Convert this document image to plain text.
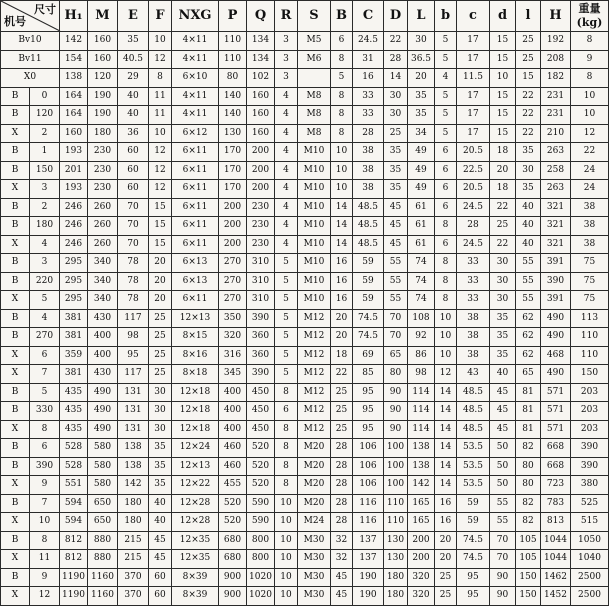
尺寸
机号		H₁	M	E	F	NXG	P	Q	R	S	B	C	D	L	b	c	d	l	H	重量
(kg)
Bv10		142	160	35	10	4×11	110	134	3	M5	6	24.5	22	30	5	17	15	25	192	8
Bv11		154	160	40.5	12	4×11	110	134	3	M6	8	31	28	36.5	5	17	15	25	208	9
X0		138	120	29	8	6×10	80	102	3		5	16	14	20	4	11.5	10	15	182	8
B	0	164	190	40	11	4×11	140	160	4	M8	8	33	30	35	5	17	15	22	231	10
B	120	164	190	40	11	4×11	140	160	4	M8	8	33	30	35	5	17	15	22	231	10
X	2	160	180	36	10	6×12	130	160	4	M8	8	28	25	34	5	17	15	22	210	12
B	1	193	230	60	12	6×11	170	200	4	M10	10	38	35	49	6	20.5	18	35	263	22
B	150	201	230	60	12	6×11	170	200	4	M10	10	38	35	49	6	22.5	20	30	258	24
X	3	193	230	60	12	6×11	170	200	4	M10	10	38	35	49	6	20.5	18	35	263	24
B	2	246	260	70	15	6×11	200	230	4	M10	14	48.5	45	61	6	24.5	22	40	321	38
B	180	246	260	70	15	6×11	200	230	4	M10	14	48.5	45	61	8	28	25	40	321	38
X	4	246	260	70	15	6×11	200	230	4	M10	14	48.5	45	61	6	24.5	22	40	321	38
B	3	295	340	78	20	6×13	270	310	5	M10	16	59	55	74	8	33	30	55	391	75
B	220	295	340	78	20	6×13	270	310	5	M10	16	59	55	74	8	33	30	55	390	75
X	5	295	340	78	20	6×11	270	310	5	M10	16	59	55	74	8	33	30	55	391	75
B	4	381	430	117	25	12×13	350	390	5	M12	20	74.5	70	108	10	38	35	62	490	113
B	270	381	400	98	25	8×15	320	360	5	M12	20	74.5	70	92	10	38	35	62	490	110
X	6	359	400	95	25	8×16	316	360	5	M12	18	69	65	86	10	38	35	62	468	110
X	7	381	430	117	25	8×18	345	390	5	M12	22	85	80	98	12	43	40	65	490	150
B	5	435	490	131	30	12×18	400	450	8	M12	25	95	90	114	14	48.5	45	81	571	203
B	330	435	490	131	30	12×18	400	450	6	M12	25	95	90	114	14	48.5	45	81	571	203
X	8	435	490	131	30	12×18	400	450	8	M12	25	95	90	114	14	48.5	45	81	571	203
B	6	528	580	138	35	12×24	460	520	8	M20	28	106	100	138	14	53.5	50	82	668	390
B	390	528	580	138	35	12×13	460	520	8	M20	28	106	100	138	14	53.5	50	80	668	390
X	9	551	580	142	35	12×22	455	520	8	M20	28	106	100	142	14	53.5	50	80	723	380
B	7	594	650	180	40	12×28	520	590	10	M20	28	116	110	165	16	59	55	82	783	525
X	10	594	650	180	40	12×28	520	590	10	M24	28	116	110	165	16	59	55	82	813	515
B	8	812	880	215	45	12×35	680	800	10	M30	32	137	130	200	20	74.5	70	105	1044	1050
X	11	812	880	215	45	12×35	680	800	10	M30	32	137	130	200	20	74.5	70	105	1044	1040
B	9	1190	1160	370	60	8×39	900	1020	10	M30	45	190	180	320	25	95	90	150	1462	2500
X	12	1190	1160	370	60	8×39	900	1020	10	M30	45	190	180	320	25	95	90	150	1452	2500
